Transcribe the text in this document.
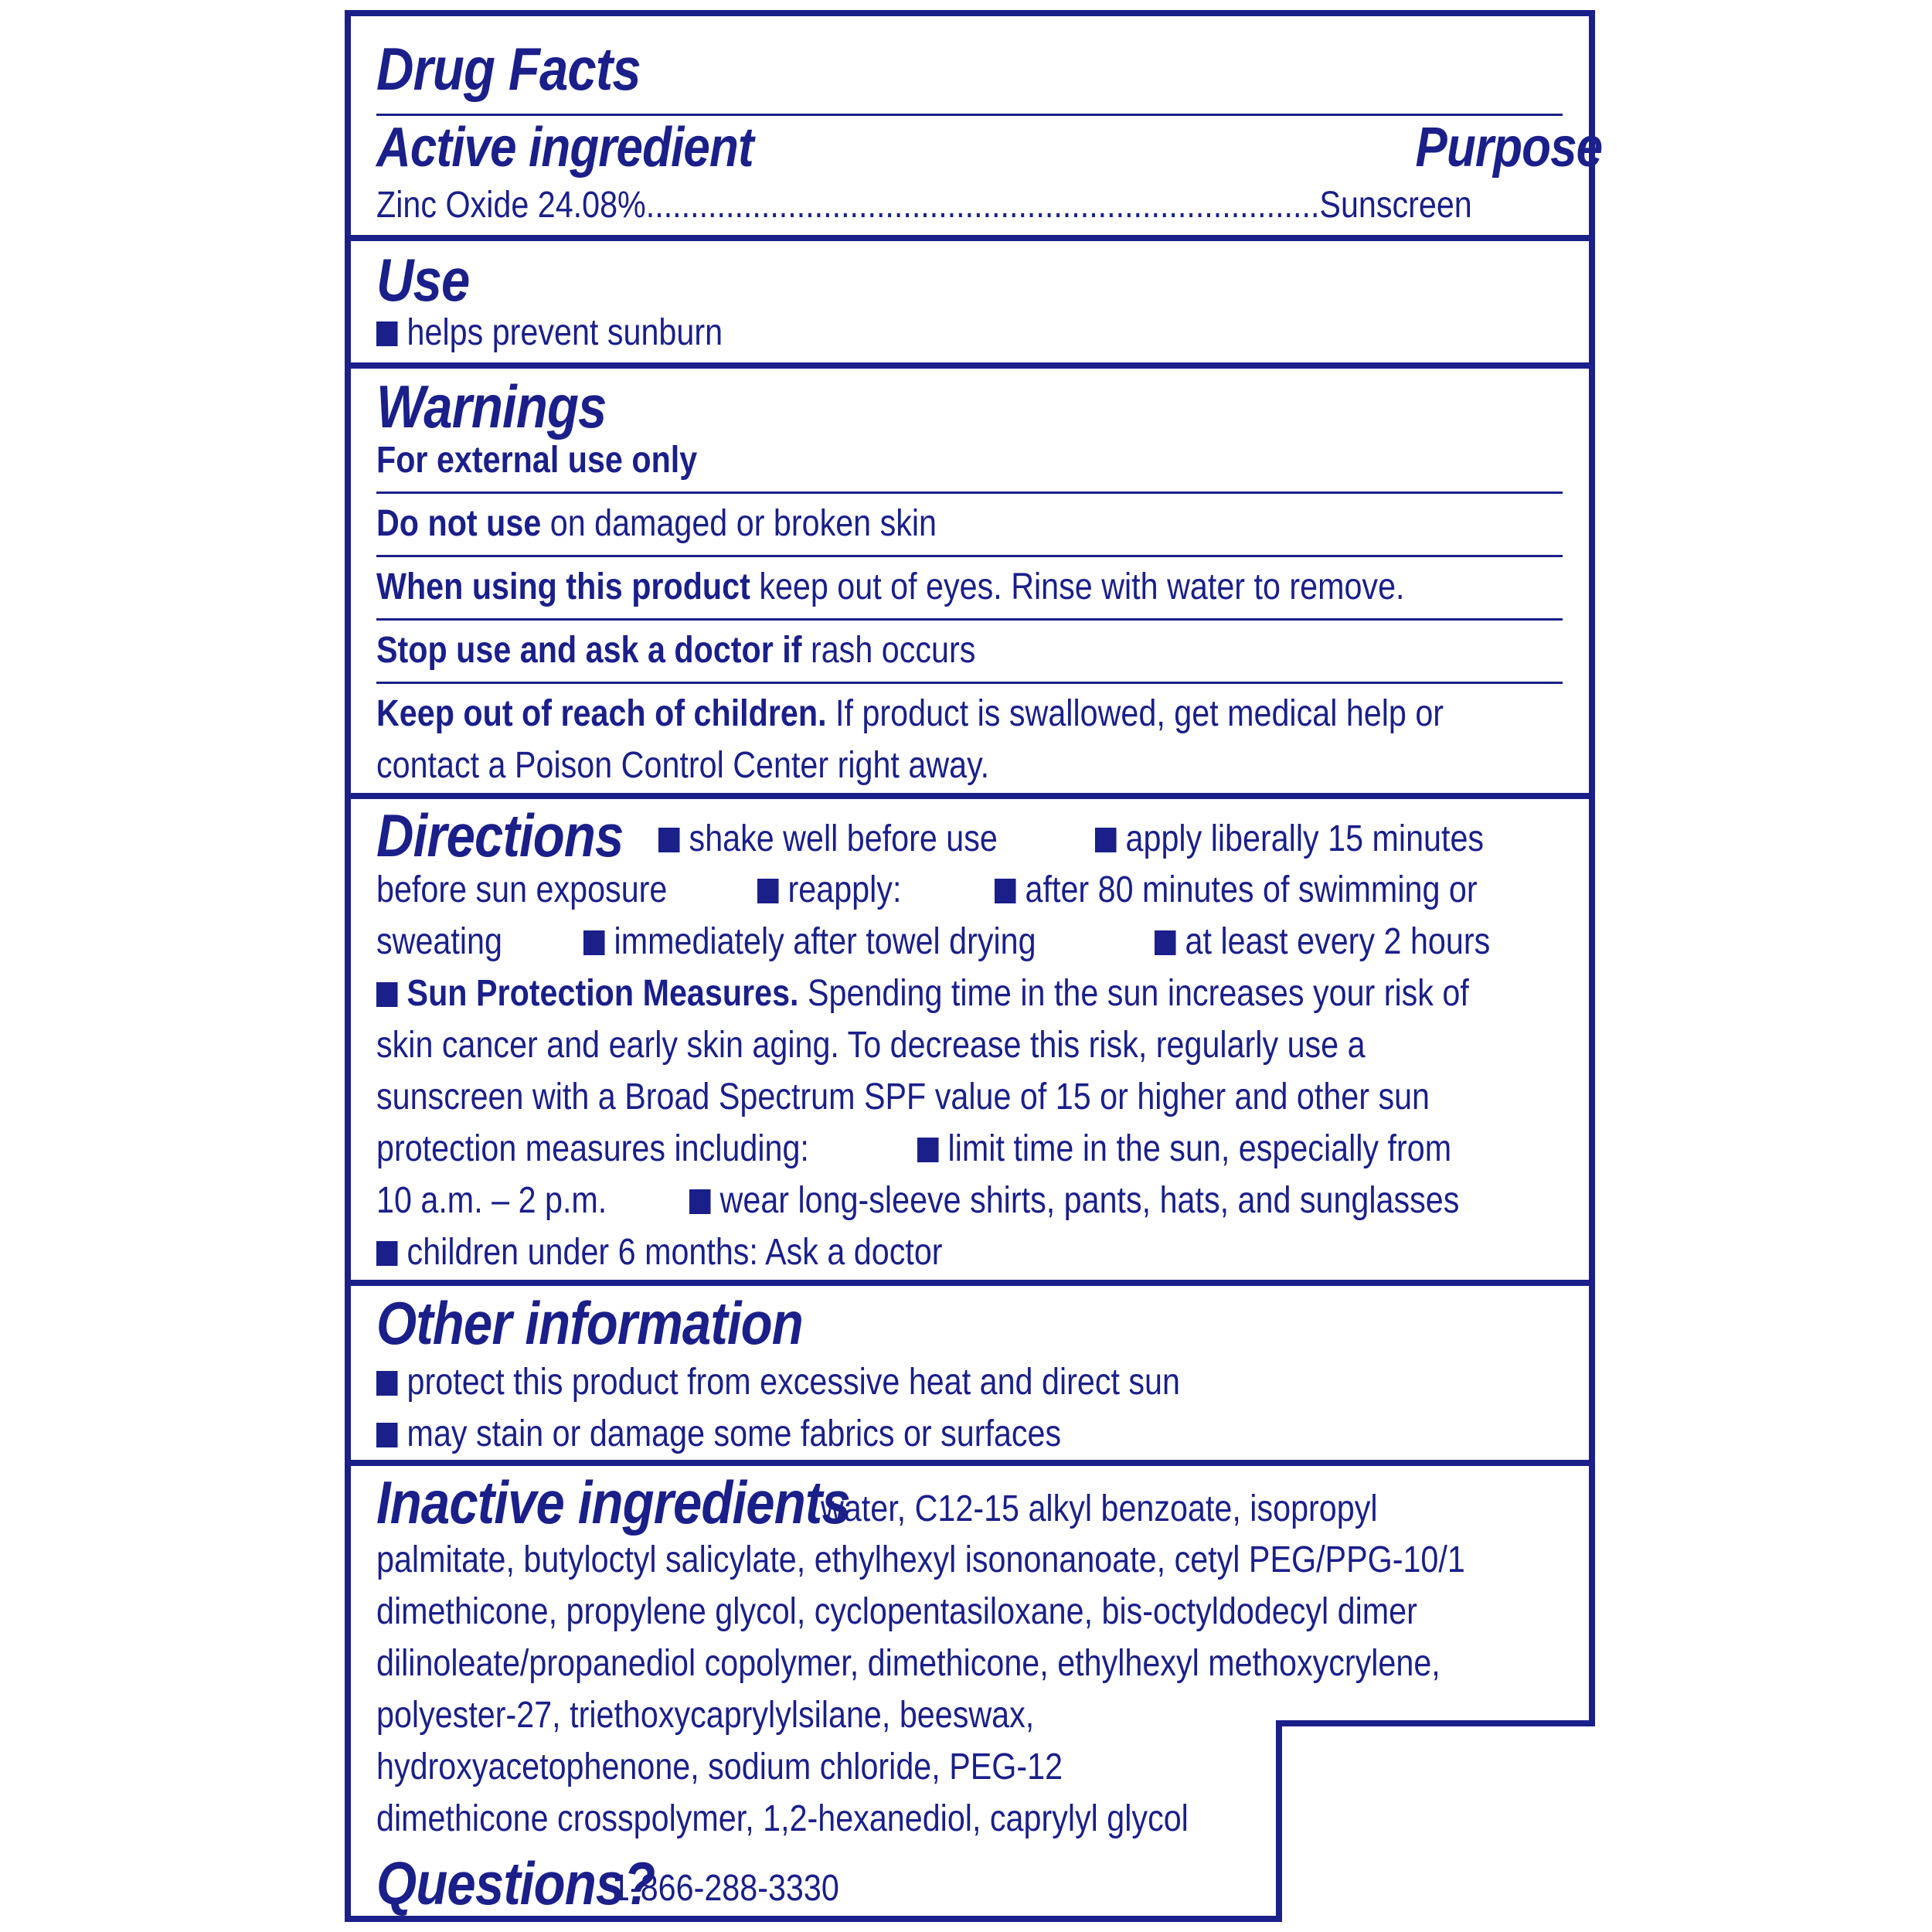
Drug Facts
Active ingredient	Purpose
Zinc Oxide 24.08%............................................................................Sunscreen
Use
helps prevent sunburn
Warnings
For external use only
Do not use on damaged or broken skin
When using this product keep out of eyes. Rinse with water to remove.
Stop use and ask a doctor if rash occurs
Keep out of reach of children. If product is swallowed, get medical help or
contact a Poison Control Center right away.
Directions	shake well before use	apply liberally 15 minutes
before sun exposure	reapply:	after 80 minutes of swimming or
sweating	immediately after towel drying	at least every 2 hours
Sun Protection Measures. Spending time in the sun increases your risk of
skin cancer and early skin aging. To decrease this risk, regularly use a
sunscreen with a Broad Spectrum SPF value of 15 or higher and other sun
protection measures including:	limit time in the sun, especially from
10 a.m. – 2 p.m.	wear long-sleeve shirts, pants, hats, and sunglasses
children under 6 months: Ask a doctor
Other information
protect this product from excessive heat and direct sun
may stain or damage some fabrics or surfaces
Inactive ingredients
water, C12-15 alkyl benzoate, isopropyl
palmitate, butyloctyl salicylate, ethylhexyl isononanoate, cetyl PEG/PPG-10/1
dimethicone, propylene glycol, cyclopentasiloxane, bis-octyldodecyl dimer
dilinoleate/propanediol copolymer, dimethicone, ethylhexyl methoxycrylene,
polyester-27, triethoxycaprylylsilane, beeswax,
hydroxyacetophenone, sodium chloride, PEG-12
dimethicone crosspolymer, 1,2-hexanediol, caprylyl glycol
Questions?
1-866-288-3330
